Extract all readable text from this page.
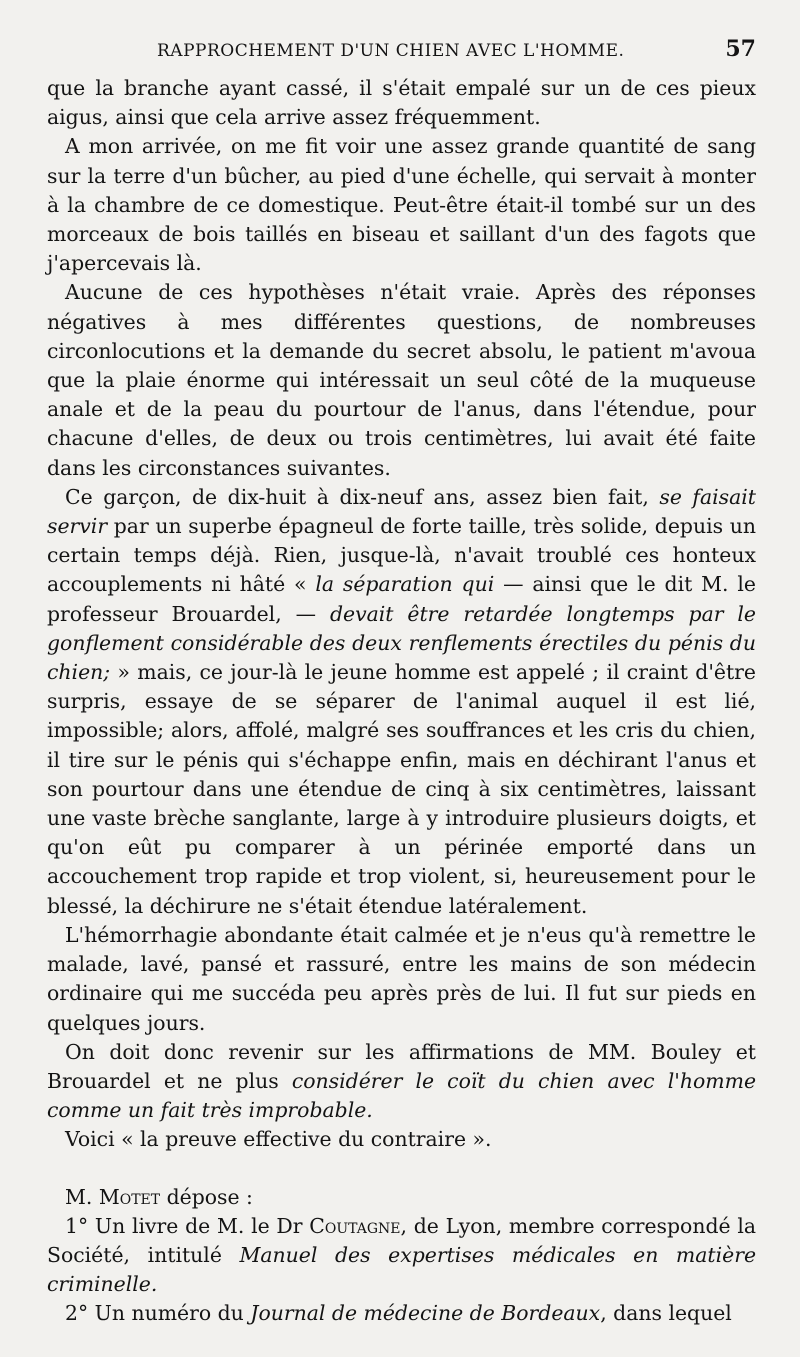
RAPPROCHEMENT D'UN CHIEN AVEC L'HOMME.	57

que la branche ayant cassé, il s'était empalé sur un de ces pieux aigus, ainsi que cela arrive assez fréquemment.

A mon arrivée, on me fit voir une assez grande quantité de sang sur la terre d'un bûcher, au pied d'une échelle, qui servait à monter à la chambre de ce domestique. Peut-être était-il tombé sur un des morceaux de bois taillés en biseau et saillant d'un des fagots que j'apercevais là.

Aucune de ces hypothèses n'était vraie. Après des réponses négatives à mes différentes questions, de nombreuses circonlocutions et la demande du secret absolu, le patient m'avoua que la plaie énorme qui intéressait un seul côté de la muqueuse anale et de la peau du pourtour de l'anus, dans l'étendue, pour chacune d'elles, de deux ou trois centimètres, lui avait été faite dans les circonstances suivantes.

Ce garçon, de dix-huit à dix-neuf ans, assez bien fait, se faisait servir par un superbe épagneul de forte taille, très solide, depuis un certain temps déjà. Rien, jusque-là, n'avait troublé ces honteux accouplements ni hâté « la séparation qui — ainsi que le dit M. le professeur Brouardel, — devait être retardée longtemps par le gonflement considérable des deux renflements érectiles du pénis du chien; » mais, ce jour-là le jeune homme est appelé ; il craint d'être surpris, essaye de se séparer de l'animal auquel il est lié, impossible; alors, affolé, malgré ses souffrances et les cris du chien, il tire sur le pénis qui s'échappe enfin, mais en déchirant l'anus et son pourtour dans une étendue de cinq à six centimètres, laissant une vaste brèche sanglante, large à y introduire plusieurs doigts, et qu'on eût pu comparer à un périnée emporté dans un accouchement trop rapide et trop violent, si, heureusement pour le blessé, la déchirure ne s'était étendue latéralement.

L'hémorrhagie abondante était calmée et je n'eus qu'à remettre le malade, lavé, pansé et rassuré, entre les mains de son médecin ordinaire qui me succéda peu après près de lui. Il fut sur pieds en quelques jours.

On doit donc revenir sur les affirmations de MM. Bouley et Brouardel et ne plus considérer le coït du chien avec l'homme comme un fait très improbable.

Voici « la preuve effective du contraire ».

M. Motet dépose :

1° Un livre de M. le Dr Coutagne, de Lyon, membre correspondé la Société, intitulé Manuel des expertises médicales en matière criminelle.

2° Un numéro du Journal de médecine de Bordeaux, dans lequel
